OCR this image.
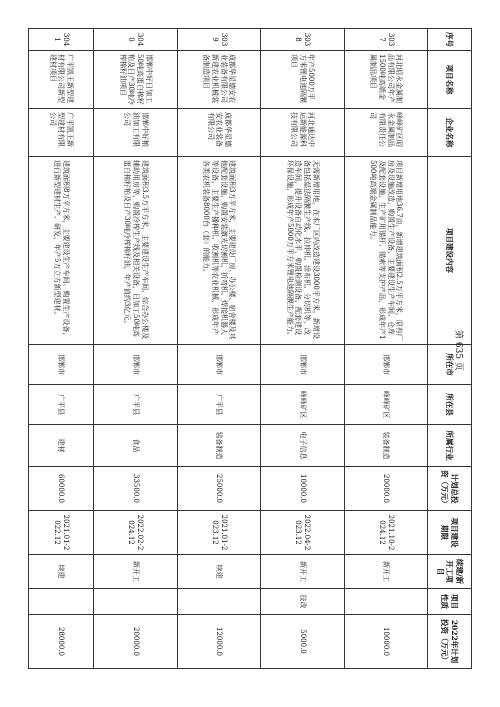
序号	项目名称	企业名称	项目建设内容	所在市	所在县	所属行业	计划总投资（万元）	项目建设期限	续建/新开工项目	项目性质	2022年计划投资（万元）
3037	河北昭永金属制品有限公司年产1500吨高端金属制品项目	峰峰矿区昭永金属制品有限责任公司	项目新增用地36.7亩，新增建筑面积2.5万平方米，原有厂房及设施改造，购置生产设备，主要建设生产车间、仓库及配套设施，生产矿用锚杆、锚索等支护产品，形成年产1500吨高端金属制品能力。	邯郸市	峰峰矿区	装备制造	20000.0	2021.10-2024.12	新开工		10000.0
3038	年产5000万平方米锂电池隔膜项目	河北通达中运新能源科技有限公司	无需新增用地，在本厂区内改造建设3000平方米，新增设备包括湿法隔膜生产线、拉伸机、涂布机、分切机等，改造车间，提升设备自动化水平，购置检测设备，配套建设环保设施，形成年产5000万平方米锂电池隔膜生产能力。	邯郸市	峰峰矿区	电子信息	10000.0	2022.04-2023.12	新开工	技改	5000.0
3039	成都华星德安农业装备有限公司新建农业机械装备制造项目	成都华星德安农业装备有限公司	建筑面积3万平方米，主要建设厂房、办公楼、宿舍楼及其他配套设施，购置安装激光切割机、折弯机、焊接机器人等设备，主要生产播种机、收割机等农业机械，形成年产各类农机装备8000台（套）的能力。	邯郸市	广平县	装备制造	25000.0	2021.01-2023.12	续建		12000.0
3040	邯郸中好日加工50吨高蛋白棉籽粕及日产30吨冷榨棉籽油项目	邯郸中好粮油加工有限公司	建筑面积3.5万平方米，主要建设生产车间、综合办公楼及辅助用房等，购置冷榨生产线及相关设备，日加工50吨高蛋白棉籽粕及日产30吨冷榨棉籽油，年产值约3亿元。	邯郸市	广平县	食品	33500.0	2022.02-2024.12	新开工		20000.0
3041	广平凯王新型建材有限公司新型建材项目	广平凯王新型建材有限公司	建筑面积8万平方米，主要建设生产车间、购置生产设备，进行新型建材生产、研发，年产5万立方新型建材。	邯郸市	广平县	建材	60000.0	2021.01-2022.12	续建		28000.0
第 635 页
